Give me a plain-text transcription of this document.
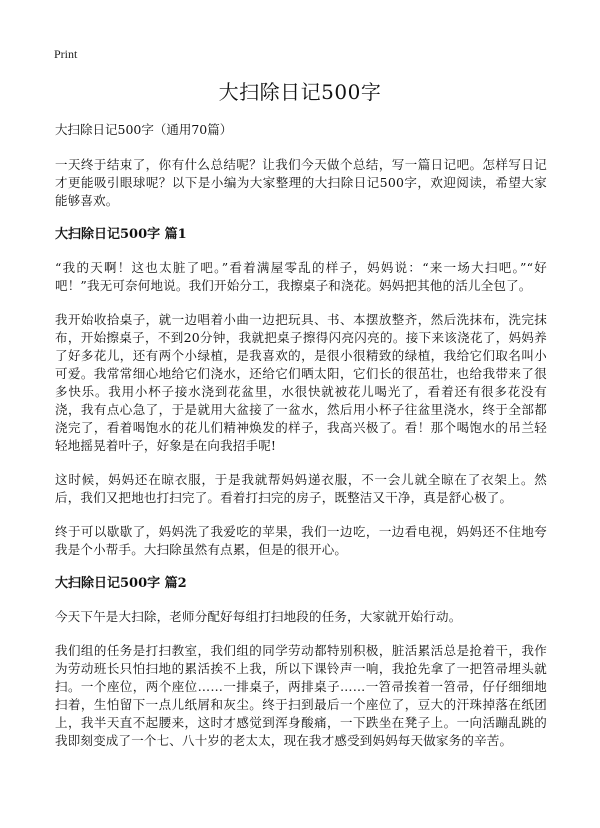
Print
大扫除日记500字
大扫除日记500字（通用70篇）

一天终于结束了，你有什么总结呢？让我们今天做个总结，写一篇日记吧。怎样写日记才更能吸引眼球呢？以下是小编为大家整理的大扫除日记500字，欢迎阅读，希望大家能够喜欢。

大扫除日记500字 篇1

“我的天啊！这也太脏了吧。”看着满屋零乱的样子，妈妈说：“来一场大扫吧。”“好吧！”我无可奈何地说。我们开始分工，我擦桌子和浇花。妈妈把其他的活儿全包了。

我开始收拾桌子，就一边唱着小曲一边把玩具、书、本摆放整齐，然后洗抹布，洗完抹布，开始擦桌子，不到20分钟，我就把桌子擦得闪亮闪亮的。接下来该浇花了，妈妈养了好多花儿，还有两个小绿植，是我喜欢的，是很小很精致的绿植，我给它们取名叫小可爱。我常常细心地给它们浇水，还给它们晒太阳，它们长的很茁壮，也给我带来了很多快乐。我用小杯子接水浇到花盆里，水很快就被花儿喝光了，看着还有很多花没有浇，我有点心急了，于是就用大盆接了一盆水，然后用小杯子往盆里浇水，终于全部都浇完了，看着喝饱水的花儿们精神焕发的样子，我高兴极了。看！那个喝饱水的吊兰轻轻地摇晃着叶子，好象是在向我招手呢!

这时候，妈妈还在晾衣服，于是我就帮妈妈递衣服，不一会儿就全晾在了衣架上。然后，我们又把地也打扫完了。看着打扫完的房子，既整洁又干净，真是舒心极了。

终于可以歇歇了，妈妈洗了我爱吃的苹果，我们一边吃，一边看电视，妈妈还不住地夸我是个小帮手。大扫除虽然有点累，但是的很开心。

大扫除日记500字 篇2

今天下午是大扫除，老师分配好每组打扫地段的任务，大家就开始行动。

我们组的任务是打扫教室，我们组的同学劳动都特别积极，脏活累活总是抢着干，我作为劳动班长只怕扫地的累活挨不上我，所以下课铃声一响，我抢先拿了一把笤帚埋头就扫。一个座位，两个座位……一排桌子，两排桌子……一笤帚挨着一笤帚，仔仔细细地扫着，生怕留下一点儿纸屑和灰尘。终于扫到最后一个座位了，豆大的汗珠掉落在纸团上，我半天直不起腰来，这时才感觉到浑身酸痛，一下跌坐在凳子上。一向活蹦乱跳的我即刻变成了一个七、八十岁的老太太，现在我才感受到妈妈每天做家务的辛苦。
